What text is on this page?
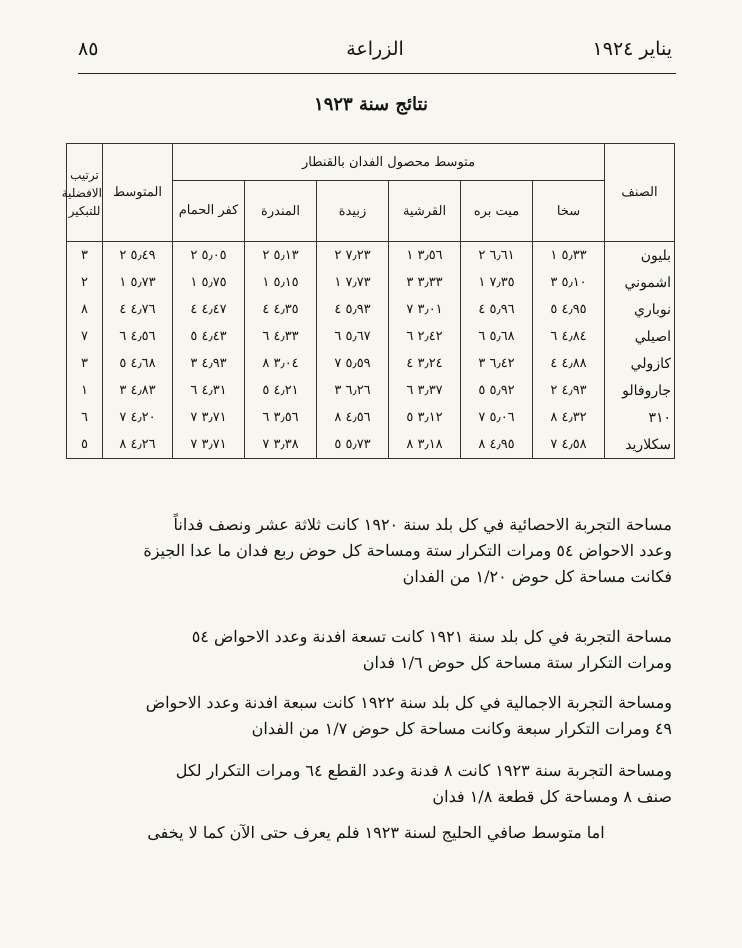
يناير ١٩٢٤
الزراعة
٨٥
نتائج سنة ١٩٢٣
الصنف	متوسط محصول الفدان بالقنطار						المتوسط	ترتيب الافضلية للتبكير
	سخا	ميت بره	القرشية	زبيدة	المندرة	كفر الحمام		
بليون	٥٫٣٣ ١	٦٫٦١ ٢	٣٫٥٦ ١	٧٫٢٣ ٢	٥٫١٣ ٢	٥٫٠٥ ٢	٥٫٤٩ ٢	٣
اشموني	٥٫١٠ ٣	٧٫٣٥ ١	٣٫٣٣ ٣	٧٫٧٣ ١	٥٫١٥ ١	٥٫٧٥ ١	٥٫٧٣ ١	٢
نوباري	٤٫٩٥ ٥	٥٫٩٦ ٤	٣٫٠١ ٧	٥٫٩٣ ٤	٤٫٣٥ ٤	٤٫٤٧ ٤	٤٫٧٦ ٤	٨
اصيلي	٤٫٨٤ ٦	٥٫٦٨ ٦	٢٫٤٢ ٦	٥٫٦٧ ٦	٤٫٣٣ ٦	٤٫٤٣ ٥	٤٫٥٦ ٦	٧
كازولي	٤٫٨٨ ٤	٦٫٤٢ ٣	٣٫٢٤ ٤	٥٫٥٩ ٧	٣٫٠٤ ٨	٤٫٩٣ ٣	٤٫٦٨ ٥	٣
جاروفالو	٤٫٩٣ ٢	٥٫٩٢ ٥	٣٫٣٧ ٦	٦٫٢٦ ٣	٤٫٢١ ٥	٤٫٣١ ٦	٤٫٨٣ ٣	١
٣١٠	٤٫٣٢ ٨	٥٫٠٦ ٧	٣٫١٢ ٥	٤٫٥٦ ٨	٣٫٥٦ ٦	٣٫٧١ ٧	٤٫٢٠ ٧	٦
سكلاريد	٤٫٥٨ ٧	٤٫٩٥ ٨	٣٫١٨ ٨	٥٫٧٣ ٥	٣٫٣٨ ٧	٣٫٧١ ٧	٤٫٢٦ ٨	٥
مساحة التجربة الاحصائية في كل بلد سنة ١٩٢٠ كانت ثلاثة عشر ونصف فداناً
وعدد الاحواض ٥٤ ومرات التكرار ستة ومساحة كل حوض ربع فدان ما عدا الجيزة
فكانت مساحة كل حوض ١/٢٠ من الفدان
مساحة التجربة في كل بلد سنة ١٩٢١ كانت تسعة افدنة وعدد الاحواض ٥٤
ومرات التكرار ستة مساحة كل حوض ١/٦ فدان
ومساحة التجربة الاجمالية في كل بلد سنة ١٩٢٢ كانت سبعة افدنة وعدد الاحواض
٤٩ ومرات التكرار سبعة وكانت مساحة كل حوض ١/٧ من الفدان
ومساحة التجربة سنة ١٩٢٣ كانت ٨ فدنة وعدد القطع ٦٤ ومرات التكرار لكل
صنف ٨ ومساحة كل قطعة ١/٨ فدان
اما متوسط صافي الحليج لسنة ١٩٢٣ فلم يعرف حتى الآن كما لا يخفى
